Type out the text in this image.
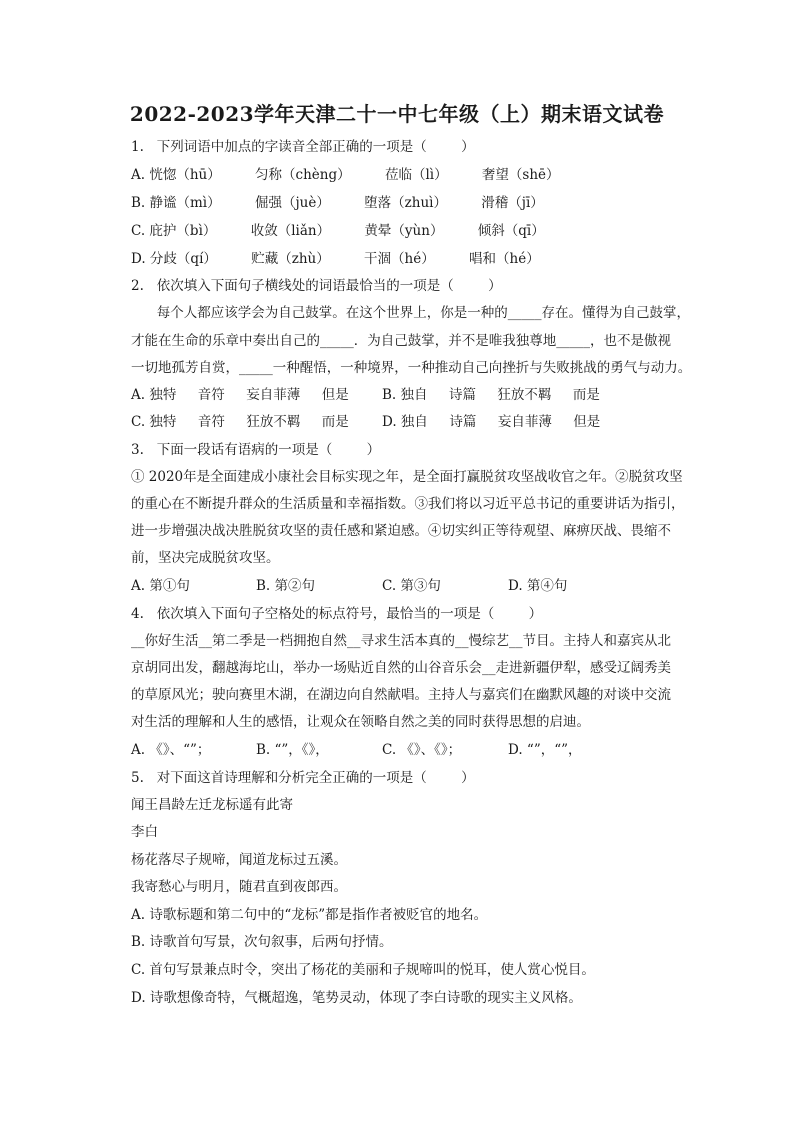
2022-2023学年天津二十一中七年级（上）期末语文试卷
1.   下列词语中加点的字读音全部正确的一项是（        ）
A. 恍惚（hū）        匀称（chèng）        莅临（lì）        奢望（shē）
B. 静谧（mì）        倔强（juè）        堕落（zhuì）        滑稽（jī）
C. 庇护（bì）        收敛（liǎn）        黄晕（yùn）        倾斜（qī）
D. 分歧（qí）        贮藏（zhù）        干涸（hé）        唱和（hé）
2.   依次填入下面句子横线处的词语最恰当的一项是（        ）
每个人都应该学会为自己鼓掌。在这个世界上，你是一种的_____存在。懂得为自己鼓掌，
才能在生命的乐章中奏出自己的_____．为自己鼓掌，并不是唯我独尊地_____，也不是傲视
一切地孤芳自赏，_____一种醒悟，一种境界，一种推动自己向挫折与失败挑战的勇气与动力。
A. 独特     音符     妄自菲薄     但是 B. 独自     诗篇     狂放不羁     而是
C. 独特     音符     狂放不羁     而是 D. 独自     诗篇     妄自菲薄     但是
3.   下面一段话有语病的一项是（        ）
① 2020年是全面建成小康社会目标实现之年，是全面打赢脱贫攻坚战收官之年。②脱贫攻坚
的重心在不断提升群众的生活质量和幸福指数。③我们将以习近平总书记的重要讲话为指引，
进一步增强决战决胜脱贫攻坚的责任感和紧迫感。④切实纠正等待观望、麻痹厌战、畏缩不
前，坚决完成脱贫攻坚。
A. 第①句	B. 第②句	C. 第③句	D. 第④句
4.   依次填入下面句子空格处的标点符号，最恰当的一项是（        ）
__你好生活__第二季是一档拥抱自然__寻求生活本真的__慢综艺__节目。主持人和嘉宾从北
京胡同出发，翻越海坨山，举办一场贴近自然的山谷音乐会__走进新疆伊犁，感受辽阔秀美
的草原风光；驶向赛里木湖，在湖边向自然献唱。主持人与嘉宾们在幽默风趣的对谈中交流
对生活的理解和人生的感悟，让观众在领略自然之美的同时获得思想的启迪。
A. 《》、“”；	B. “”，《》，	C. 《》、《》；	D. “”，“”，
5.   对下面这首诗理解和分析完全正确的一项是（        ）
闻王昌龄左迁龙标遥有此寄
李白
杨花落尽子规啼，闻道龙标过五溪。
我寄愁心与明月，随君直到夜郎西。
A. 诗歌标题和第二句中的“龙标”都是指作者被贬官的地名。
B. 诗歌首句写景，次句叙事，后两句抒情。
C. 首句写景兼点时令，突出了杨花的美丽和子规啼叫的悦耳，使人赏心悦目。
D. 诗歌想像奇特，气概超逸，笔势灵动，体现了李白诗歌的现实主义风格。
